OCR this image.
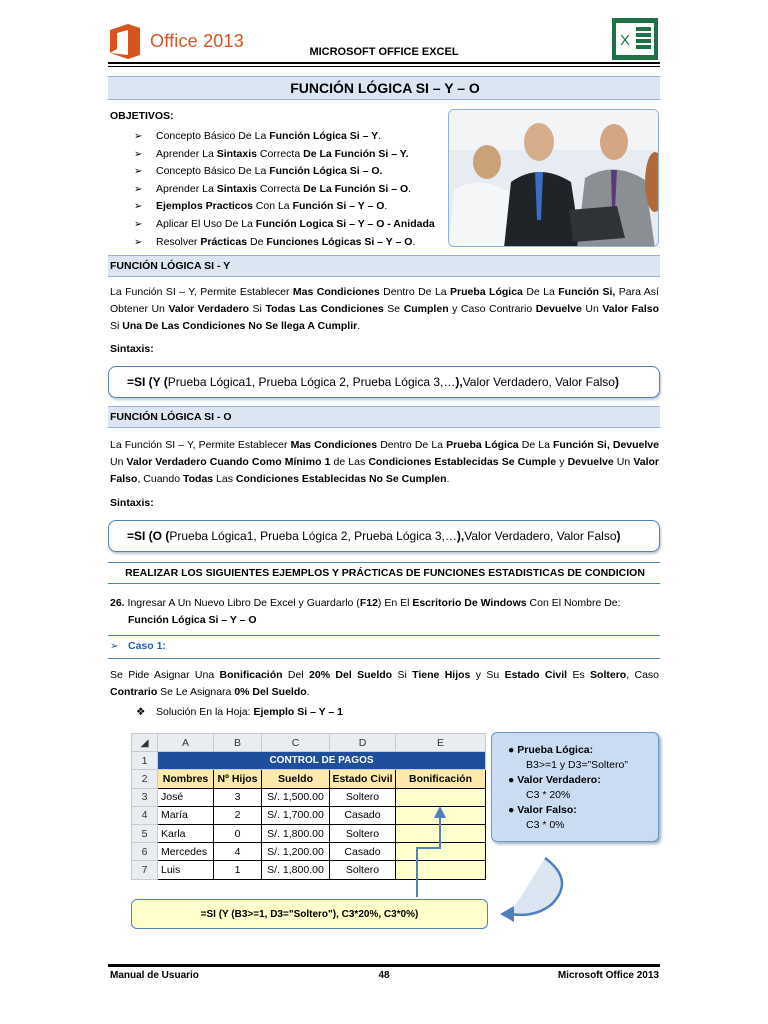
Office 2013
MICROSOFT OFFICE EXCEL
X
FUNCIÓN LÓGICA SI – Y – O
OBJETIVOS:
➢ Concepto Básico De La Función Lógica Si – Y.
➢ Aprender La Sintaxis Correcta De La Función Si – Y.
➢ Concepto Básico De La Función Lógica Si – O.
➢ Aprender La Sintaxis Correcta De La Función Si – O.
➢ Ejemplos Practicos Con La Función Si – Y – O.
➢ Aplicar El Uso De La Función Logica Si – Y – O - Anidada
➢ Resolver Prácticas De Funciones Lógicas Si – Y – O.
FUNCIÓN LÓGICA SI - Y
La Función SI – Y, Permite Establecer Mas Condiciones Dentro De La Prueba Lógica De La Función Si, Para Así Obtener Un Valor Verdadero Si Todas Las Condiciones Se Cumplen y Caso Contrario Devuelve Un Valor Falso Si Una De Las Condiciones No Se llega A Cumplir.
Sintaxis:
=SI (Y ( Prueba Lógica1, Prueba Lógica 2, Prueba Lógica 3,… ), Valor Verdadero, Valor Falso )
FUNCIÓN LÓGICA SI - O
La Función SI – Y, Permite Establecer Mas Condiciones Dentro De La Prueba Lógica De La Función Si, Devuelve Un Valor Verdadero Cuando Como Mínimo 1 de Las Condiciones Establecidas Se Cumple y Devuelve Un Valor Falso, Cuando Todas Las Condiciones Establecidas No Se Cumplen.
Sintaxis:
=SI (O ( Prueba Lógica1, Prueba Lógica 2, Prueba Lógica 3,… ), Valor Verdadero, Valor Falso )
REALIZAR LOS SIGUIENTES EJEMPLOS Y PRÁCTICAS DE FUNCIONES ESTADISTICAS DE CONDICION
26. Ingresar A Un Nuevo Libro De Excel y Guardarlo (F12) En El Escritorio De Windows Con El Nombre De: Función Lógica Si – Y – O
➢ Caso 1:
Se Pide Asignar Una Bonificación Del 20% Del Sueldo Si Tiene Hijos y Su Estado Civil Es Soltero, Caso Contrario Se Le Asignara 0% Del Sueldo.
❖ Solución En la Hoja: Ejemplo Si – Y – 1
◢	A	B	C	D	E
1	CONTROL DE PAGOS				
2	Nombres	Nº Hijos	Sueldo	Estado Civil	Bonificación
3	José	3	S/. 1,500.00	Soltero	
4	María	2	S/. 1,700.00	Casado	
5	Karla	0	S/. 1,800.00	Soltero	
6	Mercedes	4	S/. 1,200.00	Casado	
7	Luis	1	S/. 1,800.00	Soltero	
● Prueba Lógica:
B3>=1 y D3=”Soltero”
● Valor Verdadero:
C3 * 20%
● Valor Falso:
C3 * 0%
=SI (Y (B3>=1, D3="Soltero"), C3*20%, C3*0%)
Manual de Usuario	48	Microsoft Office 2013
